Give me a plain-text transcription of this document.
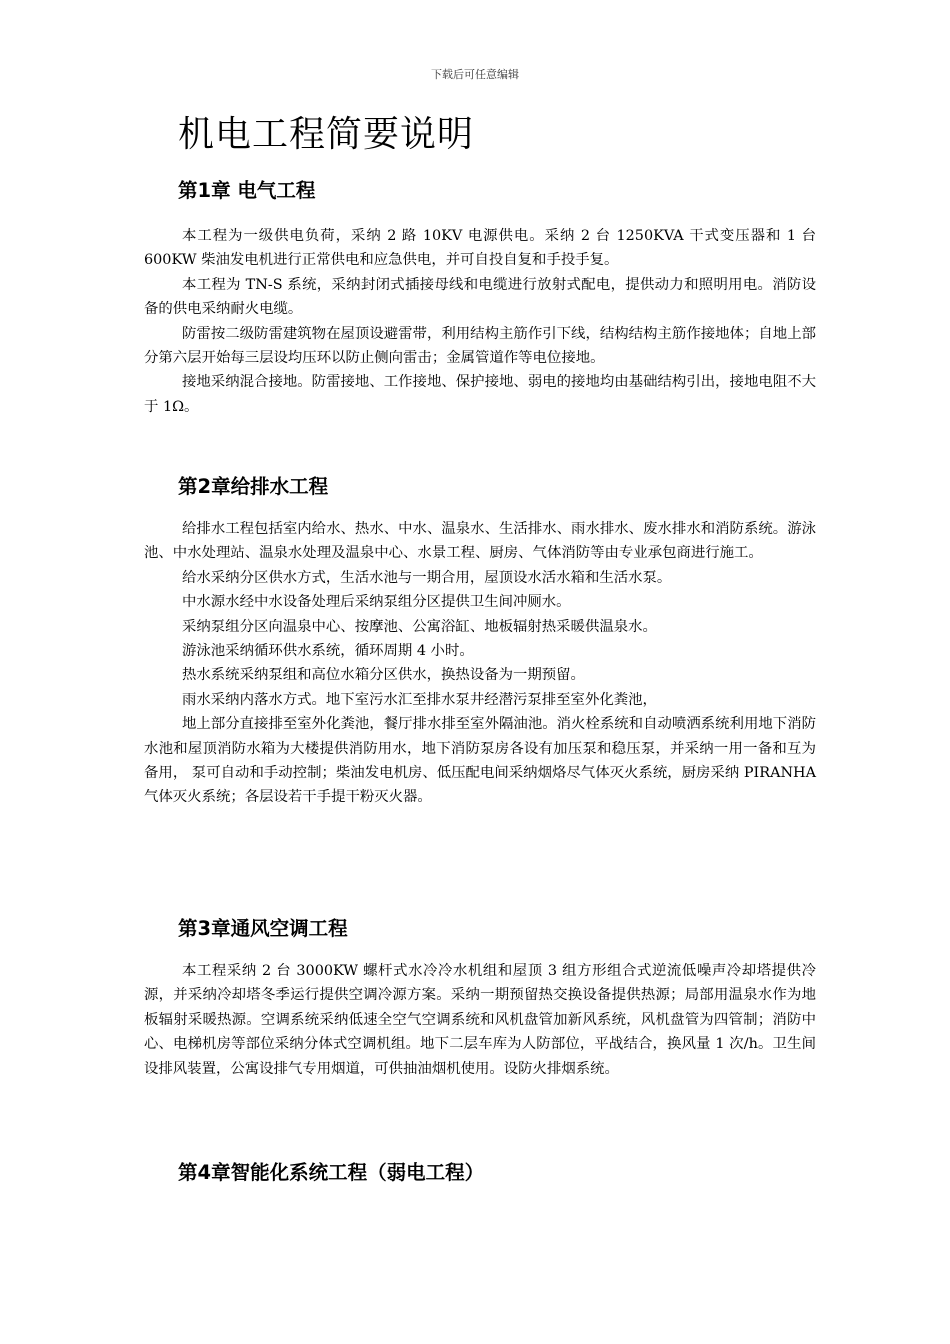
下载后可任意编辑
机电工程简要说明
第1章 电气工程

本工程为一级供电负荷，采纳 2 路 10KV 电源供电。采纳 2 台 1250KVA 干式变压器和 1 台 600KW 柴油发电机进行正常供电和应急供电，并可自投自复和手投手复。

本工程为 TN-S 系统，采纳封闭式插接母线和电缆进行放射式配电，提供动力和照明用电。消防设备的供电采纳耐火电缆。

防雷按二级防雷建筑物在屋顶设避雷带，利用结构主筋作引下线，结构结构主筋作接地体；自地上部分第六层开始每三层设均压环以防止侧向雷击；金属管道作等电位接地。

接地采纳混合接地。防雷接地、工作接地、保护接地、弱电的接地均由基础结构引出，接地电阻不大于 1Ω。

第2章给排水工程

给排水工程包括室内给水、热水、中水、温泉水、生活排水、雨水排水、废水排水和消防系统。游泳池、中水处理站、温泉水处理及温泉中心、水景工程、厨房、气体消防等由专业承包商进行施工。

给水采纳分区供水方式，生活水池与一期合用，屋顶设水活水箱和生活水泵。

中水源水经中水设备处理后采纳泵组分区提供卫生间冲厕水。

采纳泵组分区向温泉中心、按摩池、公寓浴缸、地板辐射热采暖供温泉水。

游泳池采纳循环供水系统，循环周期 4 小时。

热水系统采纳泵组和高位水箱分区供水，换热设备为一期预留。

雨水采纳内落水方式。地下室污水汇至排水泵井经潜污泵排至室外化粪池，

地上部分直接排至室外化粪池，餐厅排水排至室外隔油池。消火栓系统和自动喷洒系统利用地下消防水池和屋顶消防水箱为大楼提供消防用水，地下消防泵房各设有加压泵和稳压泵，并采纳一用一备和互为备用， 泵可自动和手动控制；柴油发电机房、低压配电间采纳烟烙尽气体灭火系统，厨房采纳 PIRANHA 气体灭火系统；各层设若干手提干粉灭火器。

第3章通风空调工程

本工程采纳 2 台 3000KW 螺杆式水冷冷水机组和屋顶 3 组方形组合式逆流低噪声冷却塔提供冷源，并采纳冷却塔冬季运行提供空调冷源方案。采纳一期预留热交换设备提供热源；局部用温泉水作为地板辐射采暖热源。空调系统采纳低速全空气空调系统和风机盘管加新风系统，风机盘管为四管制；消防中心、电梯机房等部位采纳分体式空调机组。地下二层车库为人防部位，平战结合，换风量 1 次/h。卫生间设排风装置，公寓设排气专用烟道，可供抽油烟机使用。设防火排烟系统。

第4章智能化系统工程（弱电工程）
